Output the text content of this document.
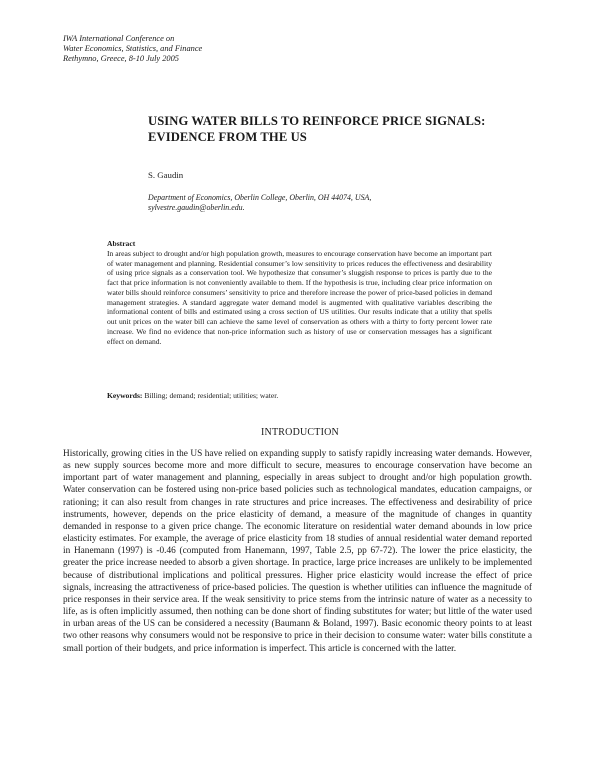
IWA International Conference on
Water Economics, Statistics, and Finance
Rethymno, Greece, 8-10 July 2005
USING WATER BILLS TO REINFORCE PRICE SIGNALS:
EVIDENCE FROM THE US
S. Gaudin
Department of Economics, Oberlin College, Oberlin, OH 44074, USA,
sylvestre.gaudin@oberlin.edu.
Abstract
In areas subject to drought and/or high population growth, measures to encourage conservation have become an important part of water management and planning. Residential consumer’s low sensitivity to prices reduces the effectiveness and desirability of using price signals as a conservation tool. We hypothesize that consumer’s sluggish response to prices is partly due to the fact that price information is not conveniently available to them. If the hypothesis is true, including clear price information on water bills should reinforce consumers’ sensitivity to price and therefore increase the power of price-based policies in demand management strategies. A standard aggregate water demand model is augmented with qualitative variables describing the informational content of bills and estimated using a cross section of US utilities. Our results indicate that a utility that spells out unit prices on the water bill can achieve the same level of conservation as others with a thirty to forty percent lower rate increase. We find no evidence that non-price information such as history of use or conservation messages has a significant effect on demand.
Keywords: Billing; demand; residential; utilities; water.
INTRODUCTION
Historically, growing cities in the US have relied on expanding supply to satisfy rapidly increasing water demands. However, as new supply sources become more and more difficult to secure, measures to encourage conservation have become an important part of water management and planning, especially in areas subject to drought and/or high population growth. Water conservation can be fostered using non-price based policies such as technological mandates, education campaigns, or rationing; it can also result from changes in rate structures and price increases. The effectiveness and desirability of price instruments, however, depends on the price elasticity of demand, a measure of the magnitude of changes in quantity demanded in response to a given price change. The economic literature on residential water demand abounds in low price elasticity estimates. For example, the average of price elasticity from 18 studies of annual residential water demand reported in Hanemann (1997) is -0.46 (computed from Hanemann, 1997, Table 2.5, pp 67-72). The lower the price elasticity, the greater the price increase needed to absorb a given shortage. In practice, large price increases are unlikely to be implemented because of distributional implications and political pressures. Higher price elasticity would increase the effect of price signals, increasing the attractiveness of price-based policies. The question is whether utilities can influence the magnitude of price responses in their service area. If the weak sensitivity to price stems from the intrinsic nature of water as a necessity to life, as is often implicitly assumed, then nothing can be done short of finding substitutes for water; but little of the water used in urban areas of the US can be considered a necessity (Baumann & Boland, 1997). Basic economic theory points to at least two other reasons why consumers would not be responsive to price in their decision to consume water: water bills constitute a small portion of their budgets, and price information is imperfect. This article is concerned with the latter.
